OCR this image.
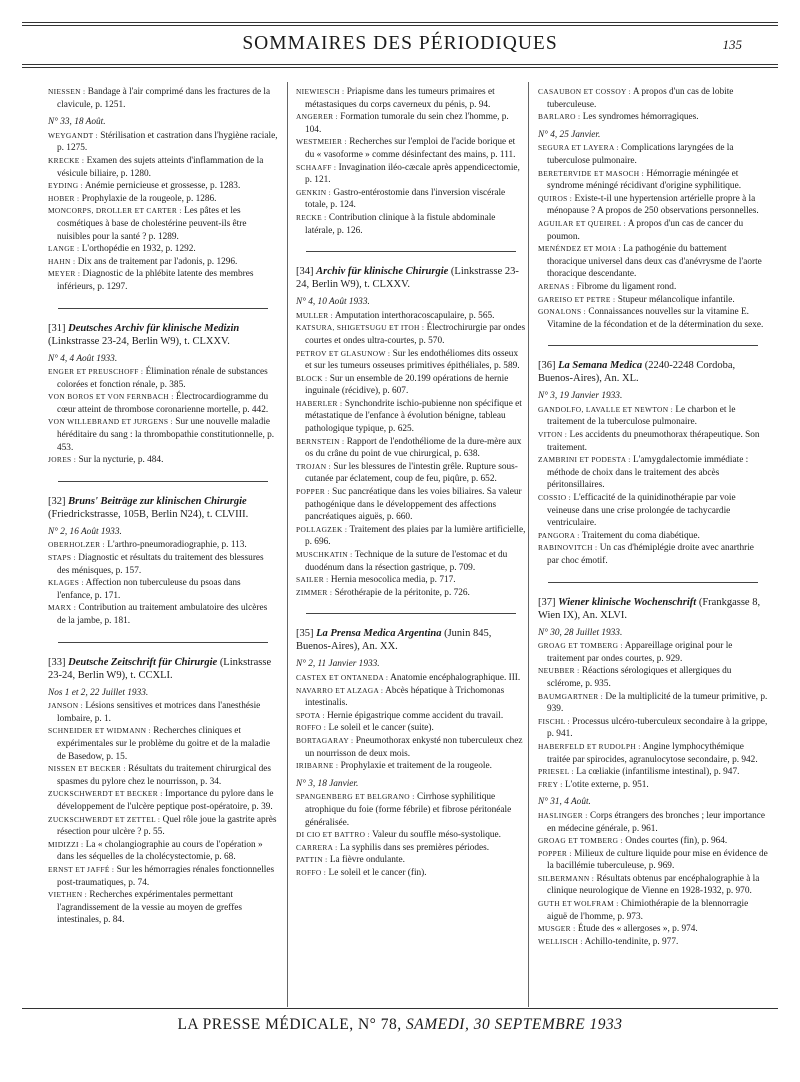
SOMMAIRES DES PÉRIODIQUES	135

NIESSEN : Bandage à l'air comprimé dans les fractures de la clavicule, p. 1251.

N° 33, 18 Août.

WEYGANDT : Stérilisation et castration dans l'hygiène raciale, p. 1275.

KRECKE : Examen des sujets atteints d'inflammation de la vésicule biliaire, p. 1280.

EYDING : Anémie pernicieuse et grossesse, p. 1283.

HOBER : Prophylaxie de la rougeole, p. 1286.

MONCORPS, DROLLER ET CARTER : Les pâtes et les cosmétiques à base de cholestérine peuvent-ils être nuisibles pour la santé ? p. 1289.

LANGE : L'orthopédie en 1932, p. 1292.

HAHN : Dix ans de traitement par l'adonis, p. 1296.

MEYER : Diagnostic de la phlébite latente des membres inférieurs, p. 1297.

[31] Deutsches Archiv für klinische Medizin (Linkstrasse 23-24, Berlin W9), t. CLXXV.
N° 4, 4 Août 1933.

ENGER ET PREUSCHOFF : Élimination rénale de substances colorées et fonction rénale, p. 385.

VON BOROS ET VON FERNBACH : Électrocardiogramme du cœur atteint de thrombose coronarienne mortelle, p. 442.

VON WILLEBRAND ET JURGENS : Sur une nouvelle maladie héréditaire du sang : la thrombopathie constitutionnelle, p. 453.

JORES : Sur la nycturie, p. 484.

[32] Bruns' Beiträge zur klinischen Chirurgie (Friedrickstrasse, 105B, Berlin N24), t. CLVIII.
N° 2, 16 Août 1933.

OBERHOLZER : L'arthro-pneumoradiographie, p. 113.

STAPS : Diagnostic et résultats du traitement des blessures des ménisques, p. 157.

KLAGES : Affection non tuberculeuse du psoas dans l'enfance, p. 171.

MARX : Contribution au traitement ambulatoire des ulcères de la jambe, p. 181.

[33] Deutsche Zeitschrift für Chirurgie (Linkstrasse 23-24, Berlin W9), t. CCXLI.
Nos 1 et 2, 22 Juillet 1933.

JANSON : Lésions sensitives et motrices dans l'anesthésie lombaire, p. 1.

SCHNEIDER ET WIDMANN : Recherches cliniques et expérimentales sur le problème du goitre et de la maladie de Basedow, p. 15.

NISSEN ET BECKER : Résultats du traitement chirurgical des spasmes du pylore chez le nourrisson, p. 34.

ZUCKSCHWERDT ET BECKER : Importance du pylore dans le développement de l'ulcère peptique post-opératoire, p. 39.

ZUCKSCHWERDT ET ZETTEL : Quel rôle joue la gastrite après résection pour ulcère ? p. 55.

MIDIZZI : La « cholangiographie au cours de l'opération » dans les séquelles de la cholécystectomie, p. 68.

ERNST ET JAFFÉ : Sur les hémorragies rénales fonctionnelles post-traumatiques, p. 74.

VIETHEN : Recherches expérimentales permettant l'agrandissement de la vessie au moyen de greffes intestinales, p. 84.

NIEWIESCH : Priapisme dans les tumeurs primaires et métastasiques du corps caverneux du pénis, p. 94.

ANGERER : Formation tumorale du sein chez l'homme, p. 104.

WESTMEIER : Recherches sur l'emploi de l'acide borique et du « vasoforme » comme désinfectant des mains, p. 111.

SCHAAFF : Invagination iléo-cæcale après appendicectomie, p. 121.

GENKIN : Gastro-entérostomie dans l'inversion viscérale totale, p. 124.

RECKE : Contribution clinique à la fistule abdominale latérale, p. 126.

[34] Archiv für klinische Chirurgie (Linkstrasse 23-24, Berlin W9), t. CLXXV.
N° 4, 10 Août 1933.

MULLER : Amputation interthoracoscapulaire, p. 565.

KATSURA, SHIGETSUGU ET ITOH : Électrochirurgie par ondes courtes et ondes ultra-courtes, p. 570.

PETROV ET GLASUNOW : Sur les endothéliomes dits osseux et sur les tumeurs osseuses primitives épithéliales, p. 589.

BLOCK : Sur un ensemble de 20.199 opérations de hernie inguinale (récidive), p. 607.

HABERLER : Synchondrite ischio-pubienne non spécifique et métastatique de l'enfance à évolution bénigne, tableau pathologique typique, p. 625.

BERNSTEIN : Rapport de l'endothéliome de la dure-mère aux os du crâne du point de vue chirurgical, p. 638.

TROJAN : Sur les blessures de l'intestin grêle. Rupture sous-cutanée par éclatement, coup de feu, piqûre, p. 652.

POPPER : Suc pancréatique dans les voies biliaires. Sa valeur pathogénique dans le développement des affections pancréatiques aiguës, p. 660.

POLLAGZEK : Traitement des plaies par la lumière artificielle, p. 696.

MUSCHKATIN : Technique de la suture de l'estomac et du duodénum dans la résection gastrique, p. 709.

SAILER : Hernia mesocolica media, p. 717.

ZIMMER : Sérothérapie de la péritonite, p. 726.

[35] La Prensa Medica Argentina (Junin 845, Buenos-Aires), An. XX.
N° 2, 11 Janvier 1933.

CASTEX ET ONTANEDA : Anatomie encéphalographique. III.

NAVARRO ET ALZAGA : Abcès hépatique à Trichomonas intestinalis.

SPOTA : Hernie épigastrique comme accident du travail.

ROFFO : Le soleil et le cancer (suite).

BORTAGARAY : Pneumothorax enkysté non tuberculeux chez un nourrisson de deux mois.

IRIBARNE : Prophylaxie et traitement de la rougeole.

N° 3, 18 Janvier.

SPANGENBERG ET BELGRANO : Cirrhose syphilitique atrophique du foie (forme fébrile) et fibrose péritonéale généralisée.

DI CIO ET BATTRO : Valeur du souffle méso-systolique.

CARRERA : La syphilis dans ses premières périodes.

PATTIN : La fièvre ondulante.

ROFFO : Le soleil et le cancer (fin).

CASAUBON ET COSSOY : A propos d'un cas de lobite tuberculeuse.

BARLARO : Les syndromes hémorragiques.

N° 4, 25 Janvier.

SEGURA ET LAYERA : Complications laryngées de la tuberculose pulmonaire.

BERETERVIDE ET MASOCH : Hémorragie méningée et syndrome méningé récidivant d'origine syphilitique.

QUIROS : Existe-t-il une hypertension artérielle propre à la ménopause ? A propos de 250 observations personnelles.

AGUILAR ET QUEIREL : A propos d'un cas de cancer du poumon.

MENÉNDEZ ET MOIA : La pathogénie du battement thoracique universel dans deux cas d'anévrysme de l'aorte thoracique descendante.

ARENAS : Fibrome du ligament rond.

GAREISO ET PETRE : Stupeur mélancolique infantile.

GONALONS : Connaissances nouvelles sur la vitamine E. Vitamine de la fécondation et de la détermination du sexe.

[36] La Semana Medica (2240-2248 Cordoba, Buenos-Aires), An. XL.
N° 3, 19 Janvier 1933.

GANDOLFO, LAVALLE ET NEWTON : Le charbon et le traitement de la tuberculose pulmonaire.

VITON : Les accidents du pneumothorax thérapeutique. Son traitement.

ZAMBRINI ET PODESTA : L'amygdalectomie immédiate : méthode de choix dans le traitement des abcès péritonsillaires.

COSSIO : L'efficacité de la quinidinothérapie par voie veineuse dans une crise prolongée de tachycardie ventriculaire.

PANGORA : Traitement du coma diabétique.

RABINOVITCH : Un cas d'hémiplégie droite avec anarthrie par choc émotif.

[37] Wiener klinische Wochenschrift (Frankgasse 8, Wien IX), An. XLVI.
N° 30, 28 Juillet 1933.

GROAG ET TOMBERG : Appareillage original pour le traitement par ondes courtes, p. 929.

NEUBBER : Réactions sérologiques et allergiques du sclérome, p. 935.

BAUMGARTNER : De la multiplicité de la tumeur primitive, p. 939.

FISCHL : Processus ulcéro-tuberculeux secondaire à la grippe, p. 941.

HABERFELD ET RUDOLPH : Angine lymphocythémique traitée par spirocides, agranulocytose secondaire, p. 942.

PRIESEL : La cœliakie (infantilisme intestinal), p. 947.

FREY : L'otite externe, p. 951.

N° 31, 4 Août.

HASLINGER : Corps étrangers des bronches ; leur importance en médecine générale, p. 961.

GROAG ET TOMBERG : Ondes courtes (fin), p. 964.

POPPER : Milieux de culture liquide pour mise en évidence de la bacillémie tuberculeuse, p. 969.

SILBERMANN : Résultats obtenus par encéphalographie à la clinique neurologique de Vienne en 1928-1932, p. 970.

GUTH ET WOLFRAM : Chimiothérapie de la blennorragie aiguë de l'homme, p. 973.

MUSGER : Étude des « allergoses », p. 974.

WELLISCH : Achillo-tendinite, p. 977.

LA PRESSE MÉDICALE, N° 78, SAMEDI, 30 SEPTEMBRE 1933
